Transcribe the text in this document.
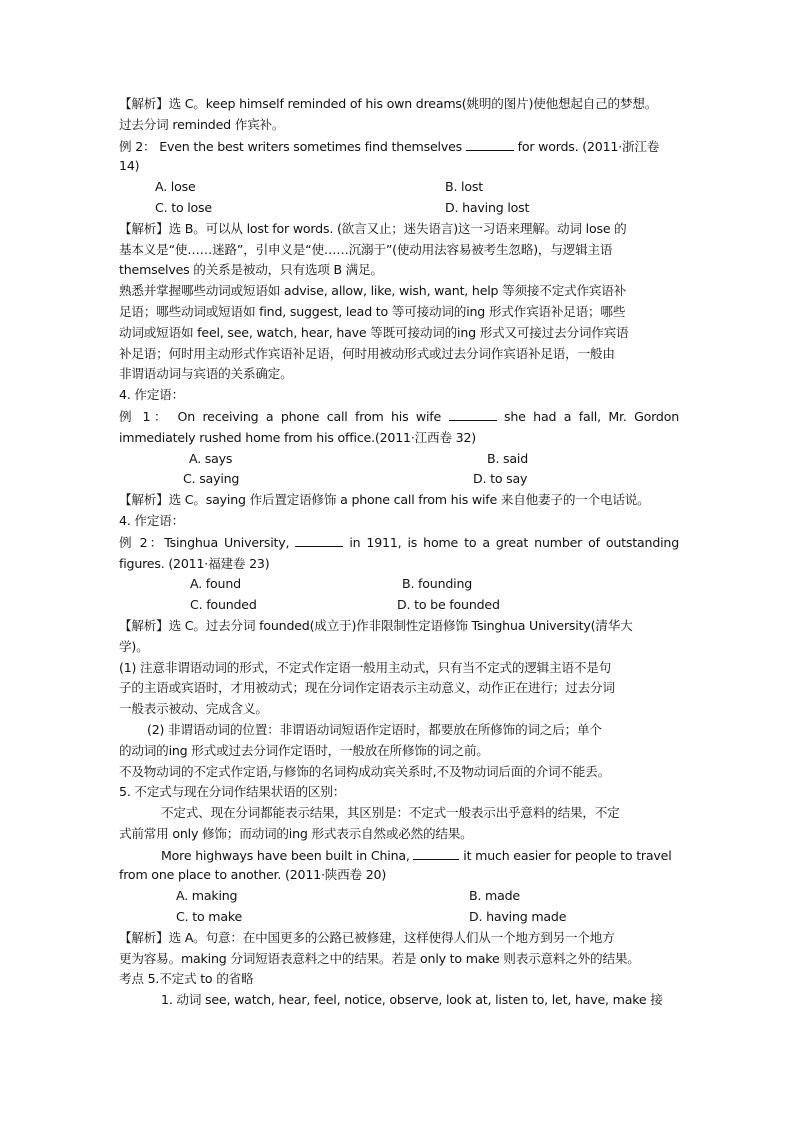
【解析】选 C。keep himself reminded of his own dreams(姚明的图片)使他想起自己的梦想。
过去分词 reminded 作宾补。
例 2： Even the best writers sometimes find themselves	for words. (2011·浙江卷
14)
A. lose	B. lost
C. to lose	D. having lost
【解析】选 B。可以从 lost for words. (欲言又止；迷失语言)这一习语来理解。动词 lose 的
基本义是“使……迷路”，引申义是“使……沉溺于”(使动用法容易被考生忽略)，与逻辑主语
themselves 的关系是被动，只有选项 B 满足。
熟悉并掌握哪些动词或短语如 advise, allow, like, wish, want, help 等须接不定式作宾语补
足语；哪些动词或短语如 find, suggest, lead to 等可接动词的ing 形式作宾语补足语；哪些
动词或短语如 feel, see, watch, hear, have 等既可接动词的ing 形式又可接过去分词作宾语
补足语；何时用主动形式作宾语补足语，何时用被动形式或过去分词作宾语补足语，一般由
非谓语动词与宾语的关系确定。
4. 作定语：
例 1： On receiving a phone call from his wife	she had a fall, Mr. Gordon
immediately rushed home from his office.(2011·江西卷 32)
A. says	B. said
C. saying	D. to say
【解析】选 C。saying 作后置定语修饰 a phone call from his wife 来自他妻子的一个电话说。
4. 作定语：
例 2：Tsinghua University,	in 1911, is home to a great number of outstanding
figures. (2011·福建卷 23)
A. found	B. founding
C. founded	D. to be founded
【解析】选 C。过去分词 founded(成立于)作非限制性定语修饰 Tsinghua University(清华大
学)。
(1) 注意非谓语动词的形式，不定式作定语一般用主动式，只有当不定式的逻辑主语不是句
子的主语或宾语时，才用被动式；现在分词作定语表示主动意义，动作正在进行；过去分词
一般表示被动、完成含义。
(2) 非谓语动词的位置：非谓语动词短语作定语时，都要放在所修饰的词之后；单个
的动词的ing 形式或过去分词作定语时，一般放在所修饰的词之前。
不及物动词的不定式作定语,与修饰的名词构成动宾关系时,不及物动词后面的介词不能丢。
5. 不定式与现在分词作结果状语的区别：
不定式、现在分词都能表示结果，其区别是：不定式一般表示出乎意料的结果，不定
式前常用 only 修饰；而动词的ing 形式表示自然或必然的结果。
More highways have been built in China,	it much easier for people to travel
from one place to another. (2011·陕西卷 20)
A. making	B. made
C. to make	D. having made
【解析】选 A。句意：在中国更多的公路已被修建，这样使得人们从一个地方到另一个地方
更为容易。making 分词短语表意料之中的结果。若是 only to make 则表示意料之外的结果。
考点 5.不定式 to 的省略
1. 动词 see, watch, hear, feel, notice, observe, look at, listen to, let, have, make 接
